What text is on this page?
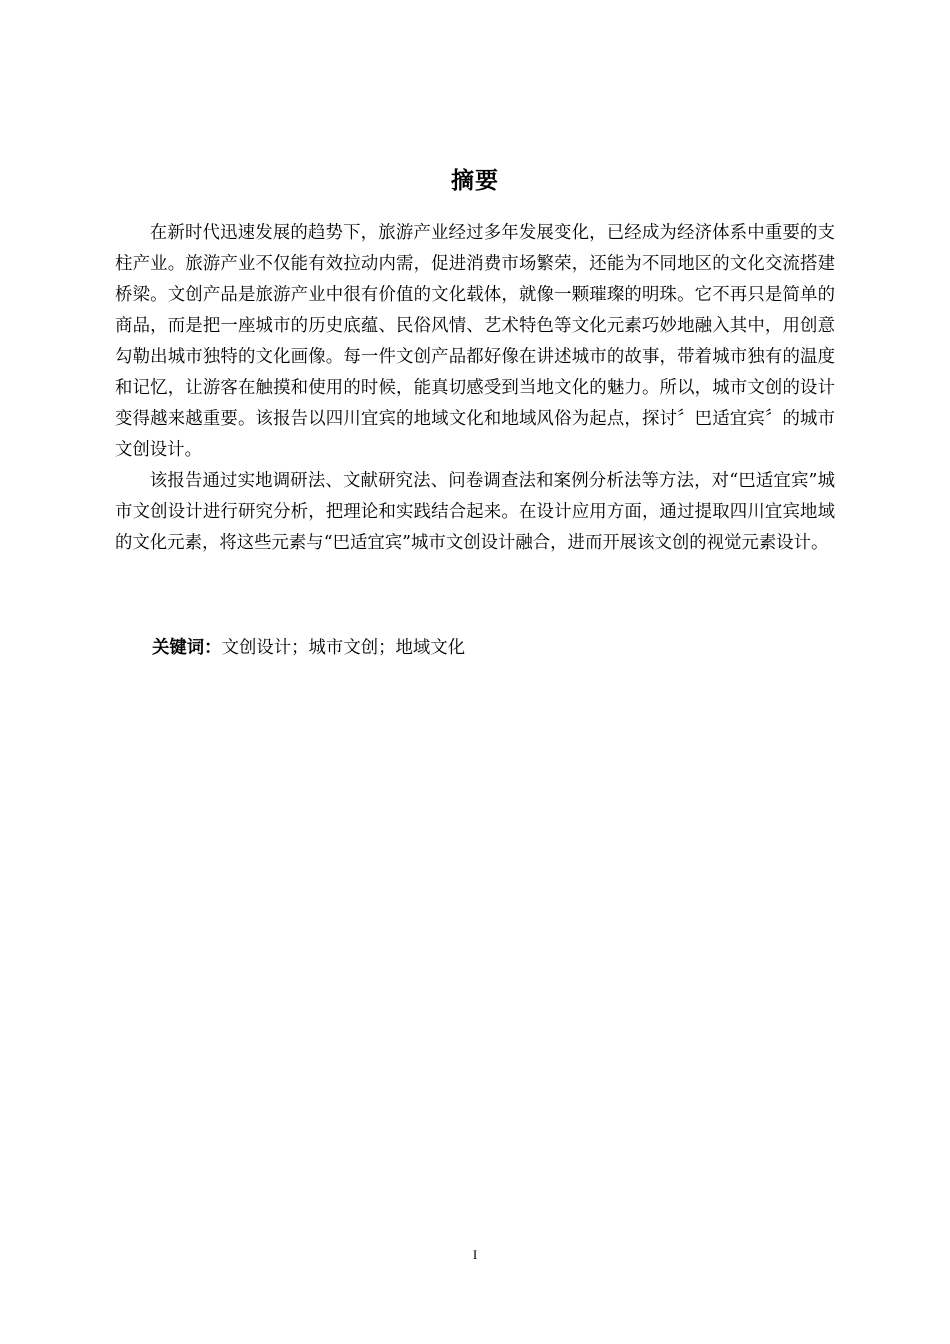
摘要

在新时代迅速发展的趋势下，旅游产业经过多年发展变化，已经成为经济体系中重要的支柱产业。旅游产业不仅能有效拉动内需，促进消费市场繁荣，还能为不同地区的文化交流搭建桥梁。文创产品是旅游产业中很有价值的文化载体，就像一颗璀璨的明珠。它不再只是简单的商品，而是把一座城市的历史底蕴、民俗风情、艺术特色等文化元素巧妙地融入其中，用创意勾勒出城市独特的文化画像。每一件文创产品都好像在讲述城市的故事，带着城市独有的温度和记忆，让游客在触摸和使用的时候，能真切感受到当地文化的魅力。所以，城市文创的设计变得越来越重要。该报告以四川宜宾的地域文化和地域风俗为起点，探讨〞巴适宜宾〞的城市文创设计。

该报告通过实地调研法、文献研究法、问卷调查法和案例分析法等方法，对“巴适宜宾”城市文创设计进行研究分析，把理论和实践结合起来。在设计应用方面，通过提取四川宜宾地域的文化元素，将这些元素与“巴适宜宾”城市文创设计融合，进而开展该文创的视觉元素设计。

关键词：文创设计；城市文创；地域文化
I
